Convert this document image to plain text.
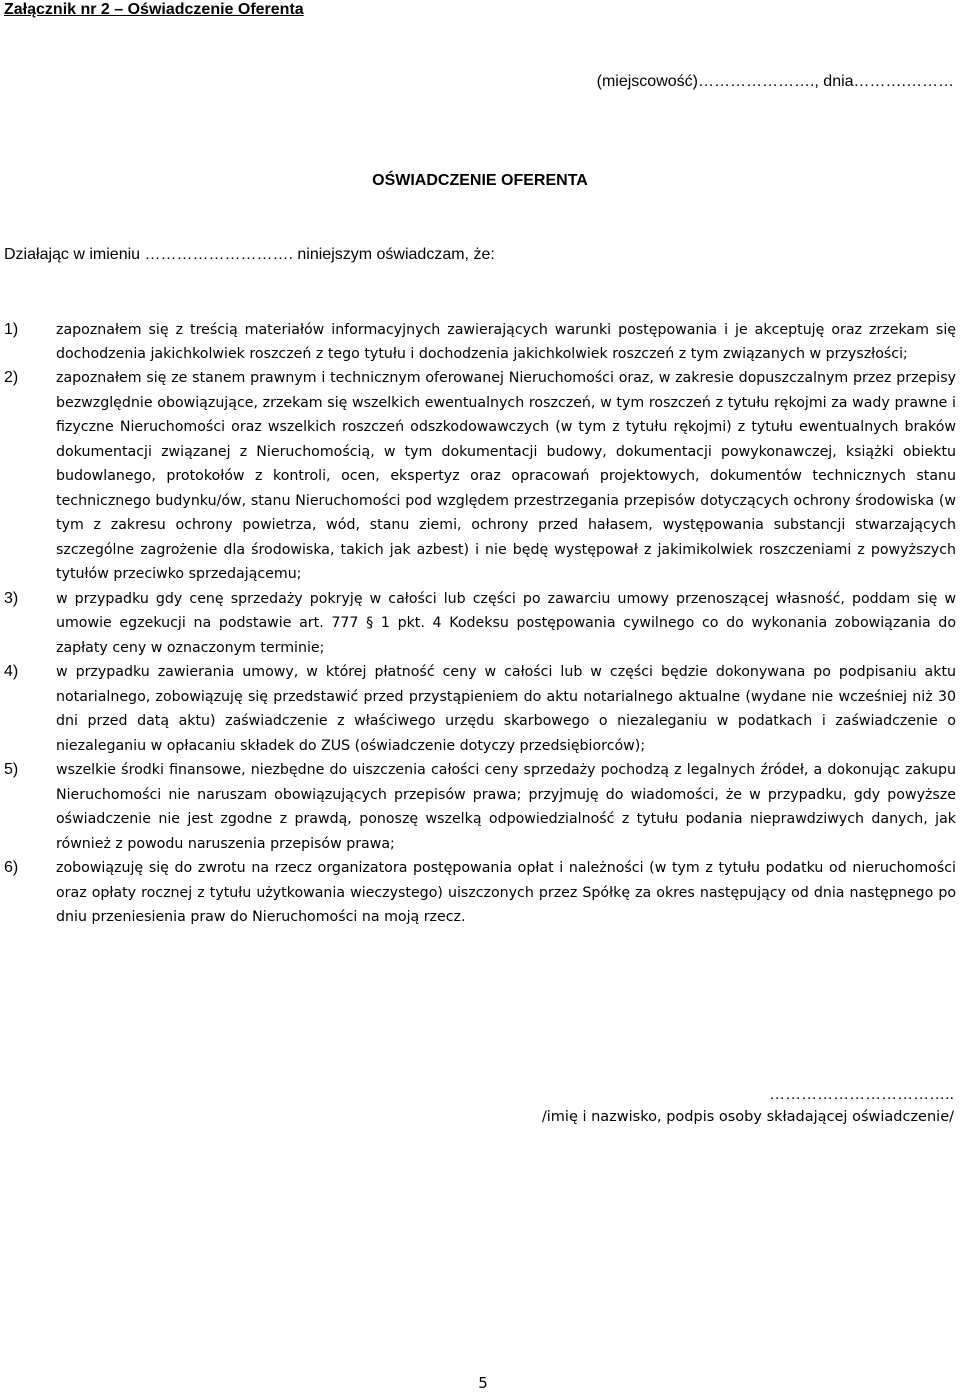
Załącznik nr 2 – Oświadczenie Oferenta
(miejscowość)…………………., dnia……….………
OŚWIADCZENIE OFERENTA
Działając w imieniu ………………………. niniejszym oświadczam, że:
1)	zapoznałem się z treścią materiałów informacyjnych zawierających warunki postępowania i je akceptuję oraz zrzekam się dochodzenia jakichkolwiek roszczeń z tego tytułu i dochodzenia jakichkolwiek roszczeń z tym związanych w przyszłości;
2)	zapoznałem się ze stanem prawnym i technicznym oferowanej Nieruchomości oraz, w zakresie dopuszczalnym przez przepisy bezwzględnie obowiązujące, zrzekam się wszelkich ewentualnych roszczeń, w tym roszczeń z tytułu rękojmi za wady prawne i fizyczne Nieruchomości oraz wszelkich roszczeń odszkodowawczych (w tym z tytułu rękojmi) z tytułu ewentualnych braków dokumentacji związanej z Nieruchomością, w tym dokumentacji budowy, dokumentacji powykonawczej, książki obiektu budowlanego, protokołów z kontroli, ocen, ekspertyz oraz opracowań projektowych, dokumentów technicznych stanu technicznego budynku/ów, stanu Nieruchomości pod względem przestrzegania przepisów dotyczących ochrony środowiska (w tym z zakresu ochrony powietrza, wód, stanu ziemi, ochrony przed hałasem, występowania substancji stwarzających szczególne zagrożenie dla środowiska, takich jak azbest) i nie będę występował z jakimikolwiek roszczeniami z powyższych tytułów przeciwko sprzedającemu;
3)	w przypadku gdy cenę sprzedaży pokryję w całości lub części po zawarciu umowy przenoszącej własność, poddam się w umowie egzekucji na podstawie art. 777 § 1 pkt. 4 Kodeksu postępowania cywilnego co do wykonania zobowiązania do zapłaty ceny w oznaczonym terminie;
4)	w przypadku zawierania umowy, w której płatność ceny w całości lub w części będzie dokonywana po podpisaniu aktu notarialnego, zobowiązuję się przedstawić przed przystąpieniem do aktu notarialnego aktualne (wydane nie wcześniej niż 30 dni przed datą aktu) zaświadczenie z właściwego urzędu skarbowego o niezaleganiu w podatkach i zaświadczenie o niezaleganiu w opłacaniu składek do ZUS (oświadczenie dotyczy przedsiębiorców);
5)	wszelkie środki finansowe, niezbędne do uiszczenia całości ceny sprzedaży pochodzą z legalnych źródeł, a dokonując zakupu Nieruchomości nie naruszam obowiązujących przepisów prawa; przyjmuję do wiadomości, że w przypadku, gdy powyższe oświadczenie nie jest zgodne z prawdą, ponoszę wszelką odpowiedzialność z tytułu podania nieprawdziwych danych, jak również z powodu naruszenia przepisów prawa;
6)	zobowiązuję się do zwrotu na rzecz organizatora postępowania opłat i należności (w tym z tytułu podatku od nieruchomości oraz opłaty rocznej z tytułu użytkowania wieczystego) uiszczonych przez Spółkę za okres następujący od dnia następnego po dniu przeniesienia praw do Nieruchomości na moją rzecz.
……………………………..
/imię i nazwisko, podpis osoby składającej oświadczenie/
5
